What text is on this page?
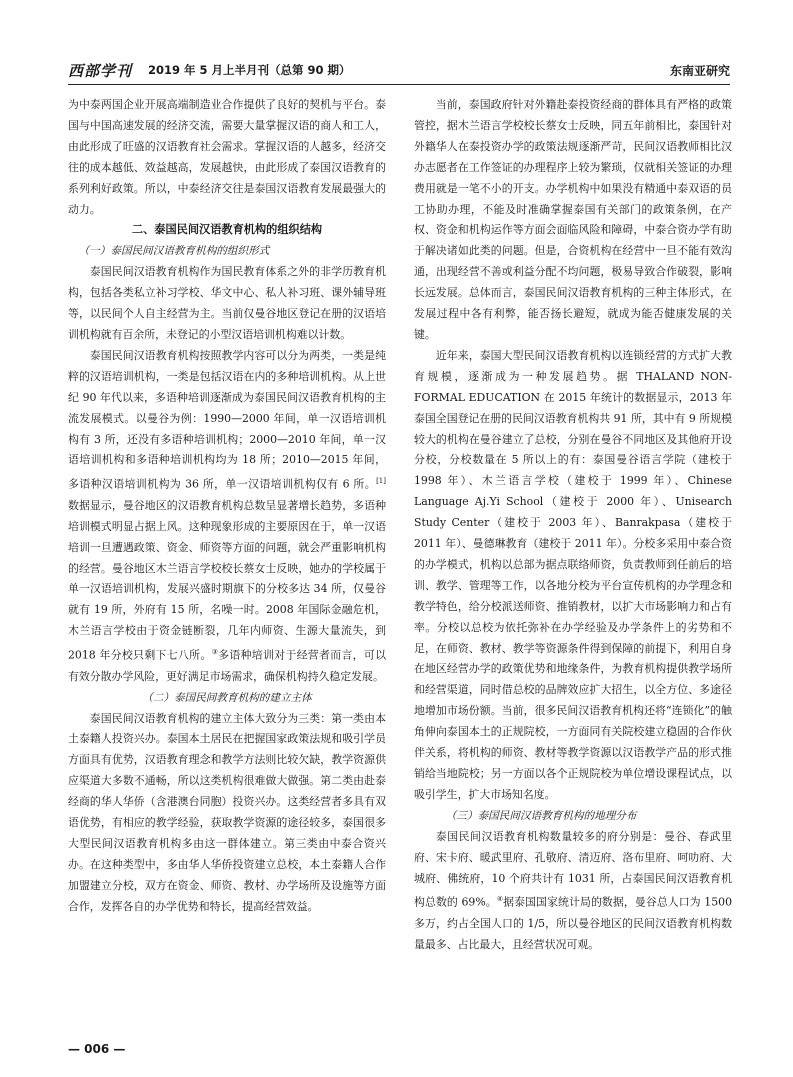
西部学刊 2019 年 5 月上半月刊（总第 90 期）	东南亚研究

为中泰两国企业开展高端制造业合作提供了良好的契机与平台。泰国与中国高速发展的经济交流，需要大量掌握汉语的商人和工人，由此形成了旺盛的汉语教育社会需求。掌握汉语的人越多，经济交往的成本越低、效益越高，发展越快，由此形成了泰国汉语教育的系列利好政策。所以，中泰经济交往是泰国汉语教育发展最强大的动力。

二、泰国民间汉语教育机构的组织结构
（一）泰国民间汉语教育机构的组织形式

泰国民间汉语教育机构作为国民教育体系之外的非学历教育机构，包括各类私立补习学校、华文中心、私人补习班、课外辅导班等，以民间个人自主经营为主。当前仅曼谷地区登记在册的汉语培训机构就有百余所，未登记的小型汉语培训机构难以计数。

泰国民间汉语教育机构按照教学内容可以分为两类，一类是纯粹的汉语培训机构，一类是包括汉语在内的多种培训机构。从上世纪 90 年代以来，多语种培训逐渐成为泰国民间汉语教育机构的主流发展模式。以曼谷为例：1990—2000 年间，单一汉语培训机构有 3 所，还没有多语种培训机构；2000—2010 年间，单一汉语培训机构和多语种培训机构均为 18 所；2010—2015 年间，多语种汉语培训机构为 36 所，单一汉语培训机构仅有 6 所。[1] 数据显示，曼谷地区的汉语教育机构总数呈显著增长趋势，多语种培训模式明显占据上风。这种现象形成的主要原因在于，单一汉语培训一旦遭遇政策、资金、师资等方面的问题，就会严重影响机构的经营。曼谷地区木兰语言学校校长蔡女士反映，她办的学校属于单一汉语培训机构，发展兴盛时期旗下的分校多达 34 所，仅曼谷就有 19 所，外府有 15 所，名噪一时。2008 年国际金融危机，木兰语言学校由于资金链断裂，几年内师资、生源大量流失，到 2018 年分校只剩下七八所。③多语种培训对于经营者而言，可以有效分散办学风险，更好满足市场需求，确保机构持久稳定发展。

（二）泰国民间教育机构的建立主体

泰国民间汉语教育机构的建立主体大致分为三类：第一类由本土泰籍人投资兴办。泰国本土居民在把握国家政策法规和吸引学员方面具有优势，汉语教育理念和教学方法则比较欠缺，教学资源供应渠道大多数不通畅，所以这类机构很难做大做强。第二类由赴泰经商的华人华侨（含港澳台同胞）投资兴办。这类经营者多具有双语优势，有相应的教学经验，获取教学资源的途径较多，泰国很多大型民间汉语教育机构多由这一群体建立。第三类由中泰合资兴办。在这种类型中，多由华人华侨投资建立总校，本土泰籍人合作加盟建立分校，双方在资金、师资、教材、办学场所及设施等方面合作，发挥各自的办学优势和特长，提高经营效益。

当前，泰国政府针对外籍赴泰投资经商的群体具有严格的政策管控，据木兰语言学校校长蔡女士反映，同五年前相比，泰国针对外籍华人在泰投资办学的政策法规逐渐严苛，民间汉语教师相比汉办志愿者在工作签证的办理程序上较为繁琐，仅就相关签证的办理费用就是一笔不小的开支。办学机构中如果没有精通中泰双语的员工协助办理，不能及时准确掌握泰国有关部门的政策条例，在产权、资金和机构运作等方面会面临风险和障碍，中泰合资办学有助于解决诸如此类的问题。但是，合资机构在经营中一旦不能有效沟通，出现经营不善或利益分配不均问题，极易导致合作破裂，影响长远发展。总体而言，泰国民间汉语教育机构的三种主体形式，在发展过程中各有利弊，能否扬长避短，就成为能否健康发展的关键。

近年来，泰国大型民间汉语教育机构以连锁经营的方式扩大教育规模，逐渐成为一种发展趋势。据 THALAND NON-FORMAL EDUCATION 在 2015 年统计的数据显示，2013 年泰国全国登记在册的民间汉语教育机构共 91 所，其中有 9 所规模较大的机构在曼谷建立了总校，分别在曼谷不同地区及其他府开设分校，分校数量在 5 所以上的有：泰国曼谷语言学院（建校于 1998 年）、木兰语言学校（建校于 1999 年）、Chinese Language Aj.Yi School（建校于 2000 年）、Unisearch Study Center（建校于 2003 年）、Banrakpasa（建校于 2011 年）、曼德琳教育（建校于 2011 年）。分校多采用中泰合资的办学模式，机构以总部为据点联络师资，负责教师到任前后的培训、教学、管理等工作，以各地分校为平台宣传机构的办学理念和教学特色，给分校派送师资、推销教材，以扩大市场影响力和占有率。分校以总校为依托弥补在办学经验及办学条件上的劣势和不足，在师资、教材、教学等资源条件得到保障的前提下，利用自身在地区经营办学的政策优势和地缘条件，为教育机构提供教学场所和经营渠道，同时借总校的品牌效应扩大招生，以全方位、多途径地增加市场份额。当前，很多民间汉语教育机构还将“连锁化”的触角伸向泰国本土的正规院校，一方面同有关院校建立稳固的合作伙伴关系，将机构的师资、教材等教学资源以汉语教学产品的形式推销给当地院校；另一方面以各个正规院校为单位增设课程试点，以吸引学生，扩大市场知名度。

（三）泰国民间汉语教育机构的地理分布

泰国民间汉语教育机构数量较多的府分别是：曼谷、春武里府、宋卡府、暖武里府、孔敬府、清迈府、洛布里府、呵叻府、大城府、佛统府，10 个府共计有 1031 所，占泰国民间汉语教育机构总数的 69%。④据泰国国家统计局的数据，曼谷总人口为 1500 多万，约占全国人口的 1/5，所以曼谷地区的民间汉语教育机构数量最多、占比最大，且经营状况可观。

— 006 —
